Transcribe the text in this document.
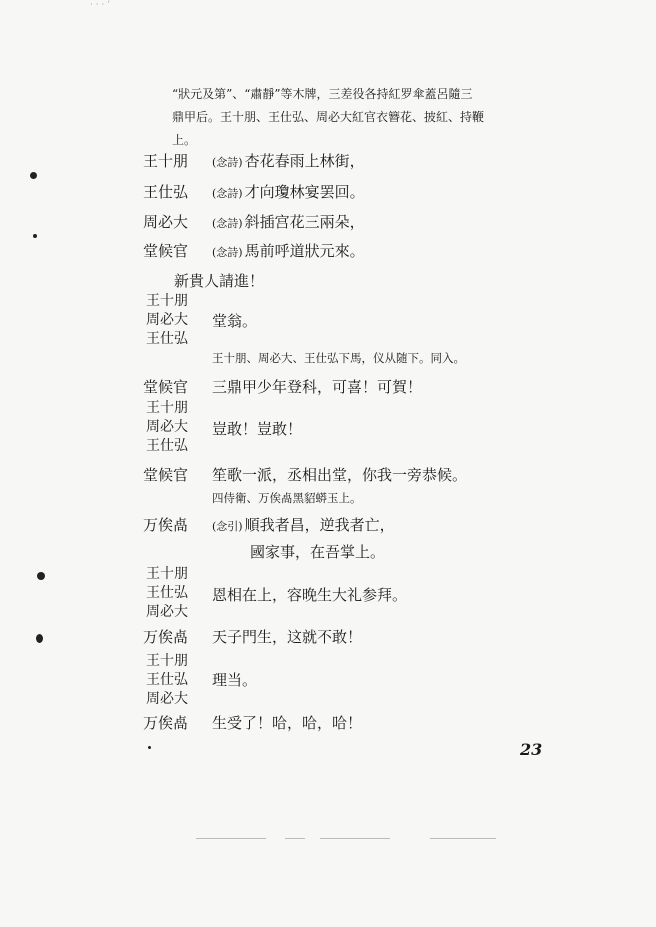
· · · ‘
“狀元及第”、“肅靜”等木牌，三差役各持紅罗傘蓋呂隨三
鼎甲后。王十朋、王仕弘、周必大紅官衣簪花、披紅、持鞭
上。
王十朋 (念詩) 杏花春雨上林街，
王仕弘 (念詩) 才向瓊林宴罢回。
周必大 (念詩) 斜插宫花三兩朵，
堂候官 (念詩) 馬前呼道狀元來。
新貴人請進！
王十朋
周必大
王仕弘
堂翁。
王十朋、周必大、王仕弘下馬，仪从随下。同入。
堂候官 三鼎甲少年登科，可喜！可賀！
王十朋
周必大
王仕弘
豈敢！豈敢！
堂候官 笙歌一派，丞相出堂，你我一旁恭候。
四侍衛、万俟卨黑貂蟒玉上。
万俟卨 (念引) 順我者昌，逆我者亡，
國家事，在吾掌上。
王十朋
王仕弘
周必大
恩相在上，容晚生大礼参拜。
万俟卨 天子門生，这就不敢！
王十朋
王仕弘
周必大
理当。
万俟卨 生受了！哈，哈，哈！
23
